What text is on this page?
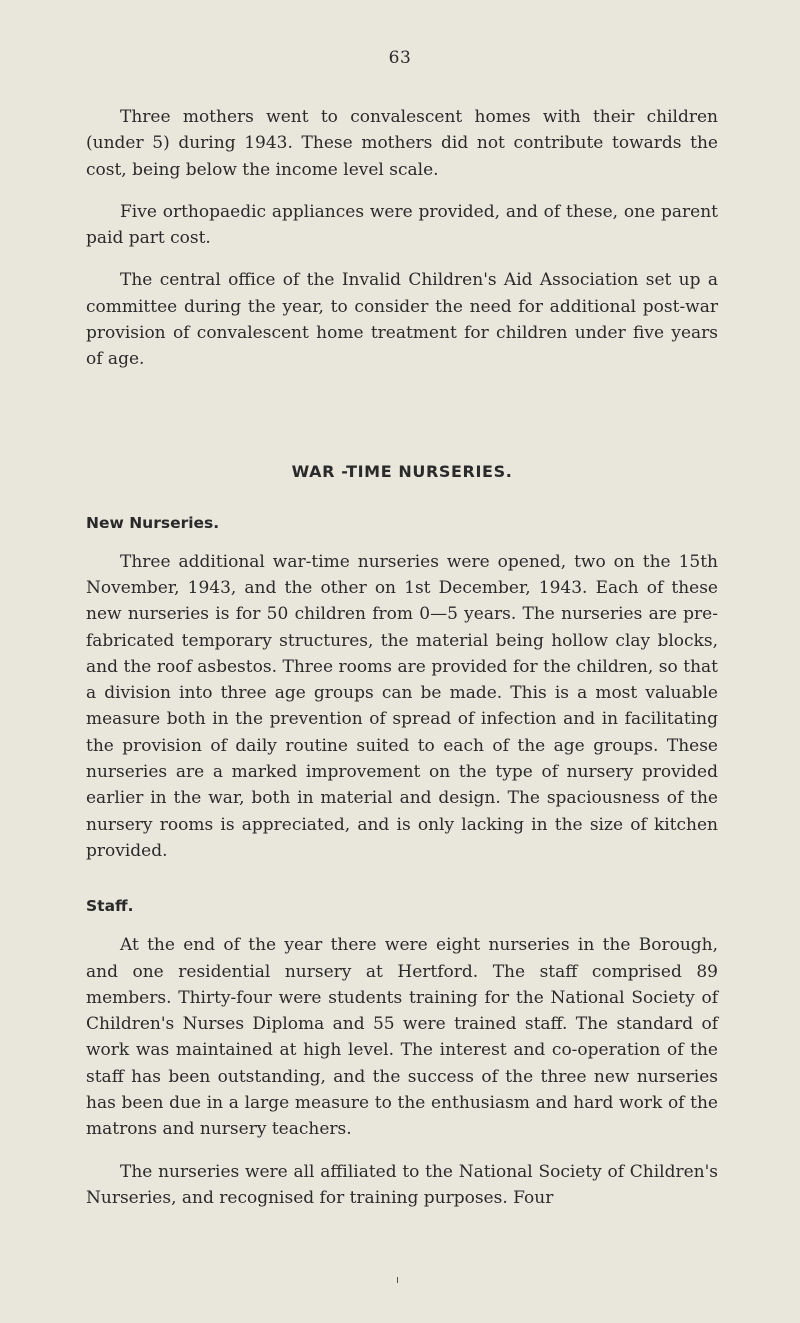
63

Three mothers went to convalescent homes with their children (under 5) during 1943. These mothers did not contribute towards the cost, being below the income level scale.

Five orthopaedic appliances were provided, and of these, one parent paid part cost.

The central office of the Invalid Children's Aid Association set up a committee during the year, to consider the need for additional post-war provision of convalescent home treatment for children under five years of age.

WAR -TIME NURSERIES.
New Nurseries.

Three additional war-time nurseries were opened, two on the 15th November, 1943, and the other on 1st December, 1943. Each of these new nurseries is for 50 children from 0—5 years. The nurseries are pre-fabricated temporary structures, the material being hollow clay blocks, and the roof asbestos. Three rooms are provided for the children, so that a division into three age groups can be made. This is a most valuable measure both in the prevention of spread of infection and in facilitating the provision of daily routine suited to each of the age groups. These nurseries are a marked improvement on the type of nursery provided earlier in the war, both in material and design. The spaciousness of the nursery rooms is appreciated, and is only lacking in the size of kitchen provided.

Staff.

At the end of the year there were eight nurseries in the Borough, and one residential nursery at Hertford. The staff comprised 89 members. Thirty-four were students training for the National Society of Children's Nurses Diploma and 55 were trained staff. The standard of work was maintained at high level. The interest and co-operation of the staff has been outstanding, and the success of the three new nurseries has been due in a large measure to the enthusiasm and hard work of the matrons and nursery teachers.

The nurseries were all affiliated to the National Society of Children's Nurseries, and recognised for training purposes. Four
